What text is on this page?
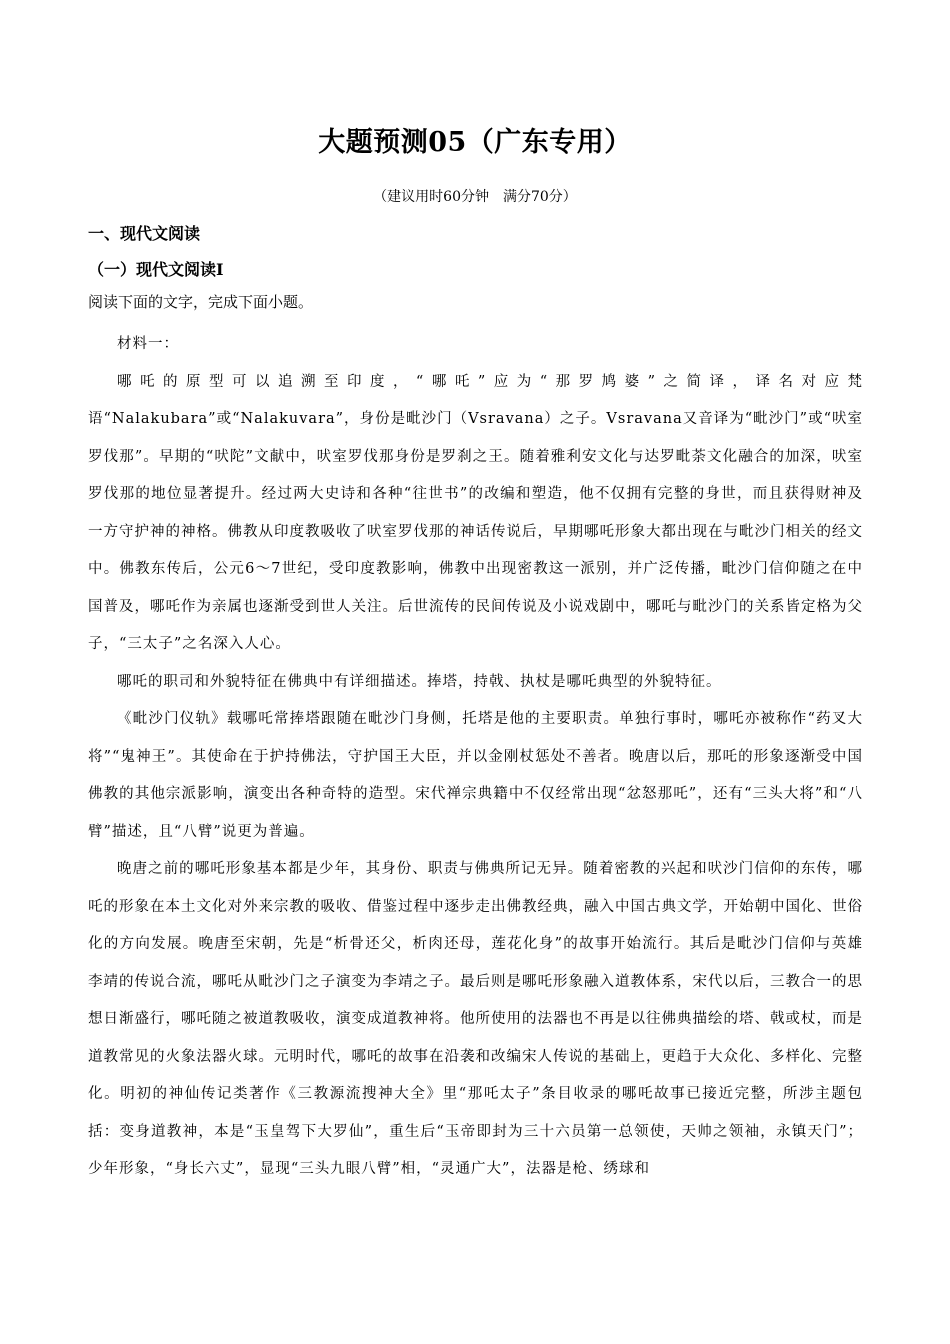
大题预测05（广东专用）
（建议用时60分钟　满分70分）
一、现代文阅读
（一）现代文阅读Ⅰ
阅读下面的文字，完成下面小题。

材料一：

哪吒的原型可以追溯至印度，“哪吒”应为“那罗鸠婆”之简译，译名对应梵语“Nalakubara”或“Nalakuvara”，身份是毗沙门（Vsravana）之子。Vsravana又音译为“毗沙门”或“吠室罗伐那”。早期的“吠陀”文献中，吠室罗伐那身份是罗刹之王。随着雅利安文化与达罗毗荼文化融合的加深，吠室罗伐那的地位显著提升。经过两大史诗和各种“往世书”的改编和塑造，他不仅拥有完整的身世，而且获得财神及一方守护神的神格。佛教从印度教吸收了吠室罗伐那的神话传说后，早期哪吒形象大都出现在与毗沙门相关的经文中。佛教东传后，公元6～7世纪，受印度教影响，佛教中出现密教这一派别，并广泛传播，毗沙门信仰随之在中国普及，哪吒作为亲属也逐渐受到世人关注。后世流传的民间传说及小说戏剧中，哪吒与毗沙门的关系皆定格为父子，“三太子”之名深入人心。

哪吒的职司和外貌特征在佛典中有详细描述。捧塔，持戟、执杖是哪吒典型的外貌特征。

《毗沙门仪轨》载哪吒常捧塔跟随在毗沙门身侧，托塔是他的主要职责。单独行事时，哪吒亦被称作“药叉大将”“鬼神王”。其使命在于护持佛法，守护国王大臣，并以金刚杖惩处不善者。晚唐以后，那吒的形象逐渐受中国佛教的其他宗派影响，演变出各种奇特的造型。宋代禅宗典籍中不仅经常出现“忿怒那吒”，还有“三头大将”和“八臂”描述，且“八臂”说更为普遍。

晚唐之前的哪吒形象基本都是少年，其身份、职责与佛典所记无异。随着密教的兴起和吠沙门信仰的东传，哪吒的形象在本土文化对外来宗教的吸收、借鉴过程中逐步走出佛教经典，融入中国古典文学，开始朝中国化、世俗化的方向发展。晚唐至宋朝，先是“析骨还父，析肉还母，莲花化身”的故事开始流行。其后是毗沙门信仰与英雄李靖的传说合流，哪吒从毗沙门之子演变为李靖之子。最后则是哪吒形象融入道教体系，宋代以后，三教合一的思想日渐盛行，哪吒随之被道教吸收，演变成道教神将。他所使用的法器也不再是以往佛典描绘的塔、戟或杖，而是道教常见的火象法器火球。元明时代，哪吒的故事在沿袭和改编宋人传说的基础上，更趋于大众化、多样化、完整化。明初的神仙传记类著作《三教源流搜神大全》里“那吒太子”条目收录的哪吒故事已接近完整，所涉主题包括：变身道教神，本是“玉皇驾下大罗仙”，重生后“玉帝即封为三十六员第一总领使，天帅之领袖，永镇天门”；少年形象，“身长六丈”，显现“三头九眼八臂”相，“灵通广大”，法器是枪、绣球和
